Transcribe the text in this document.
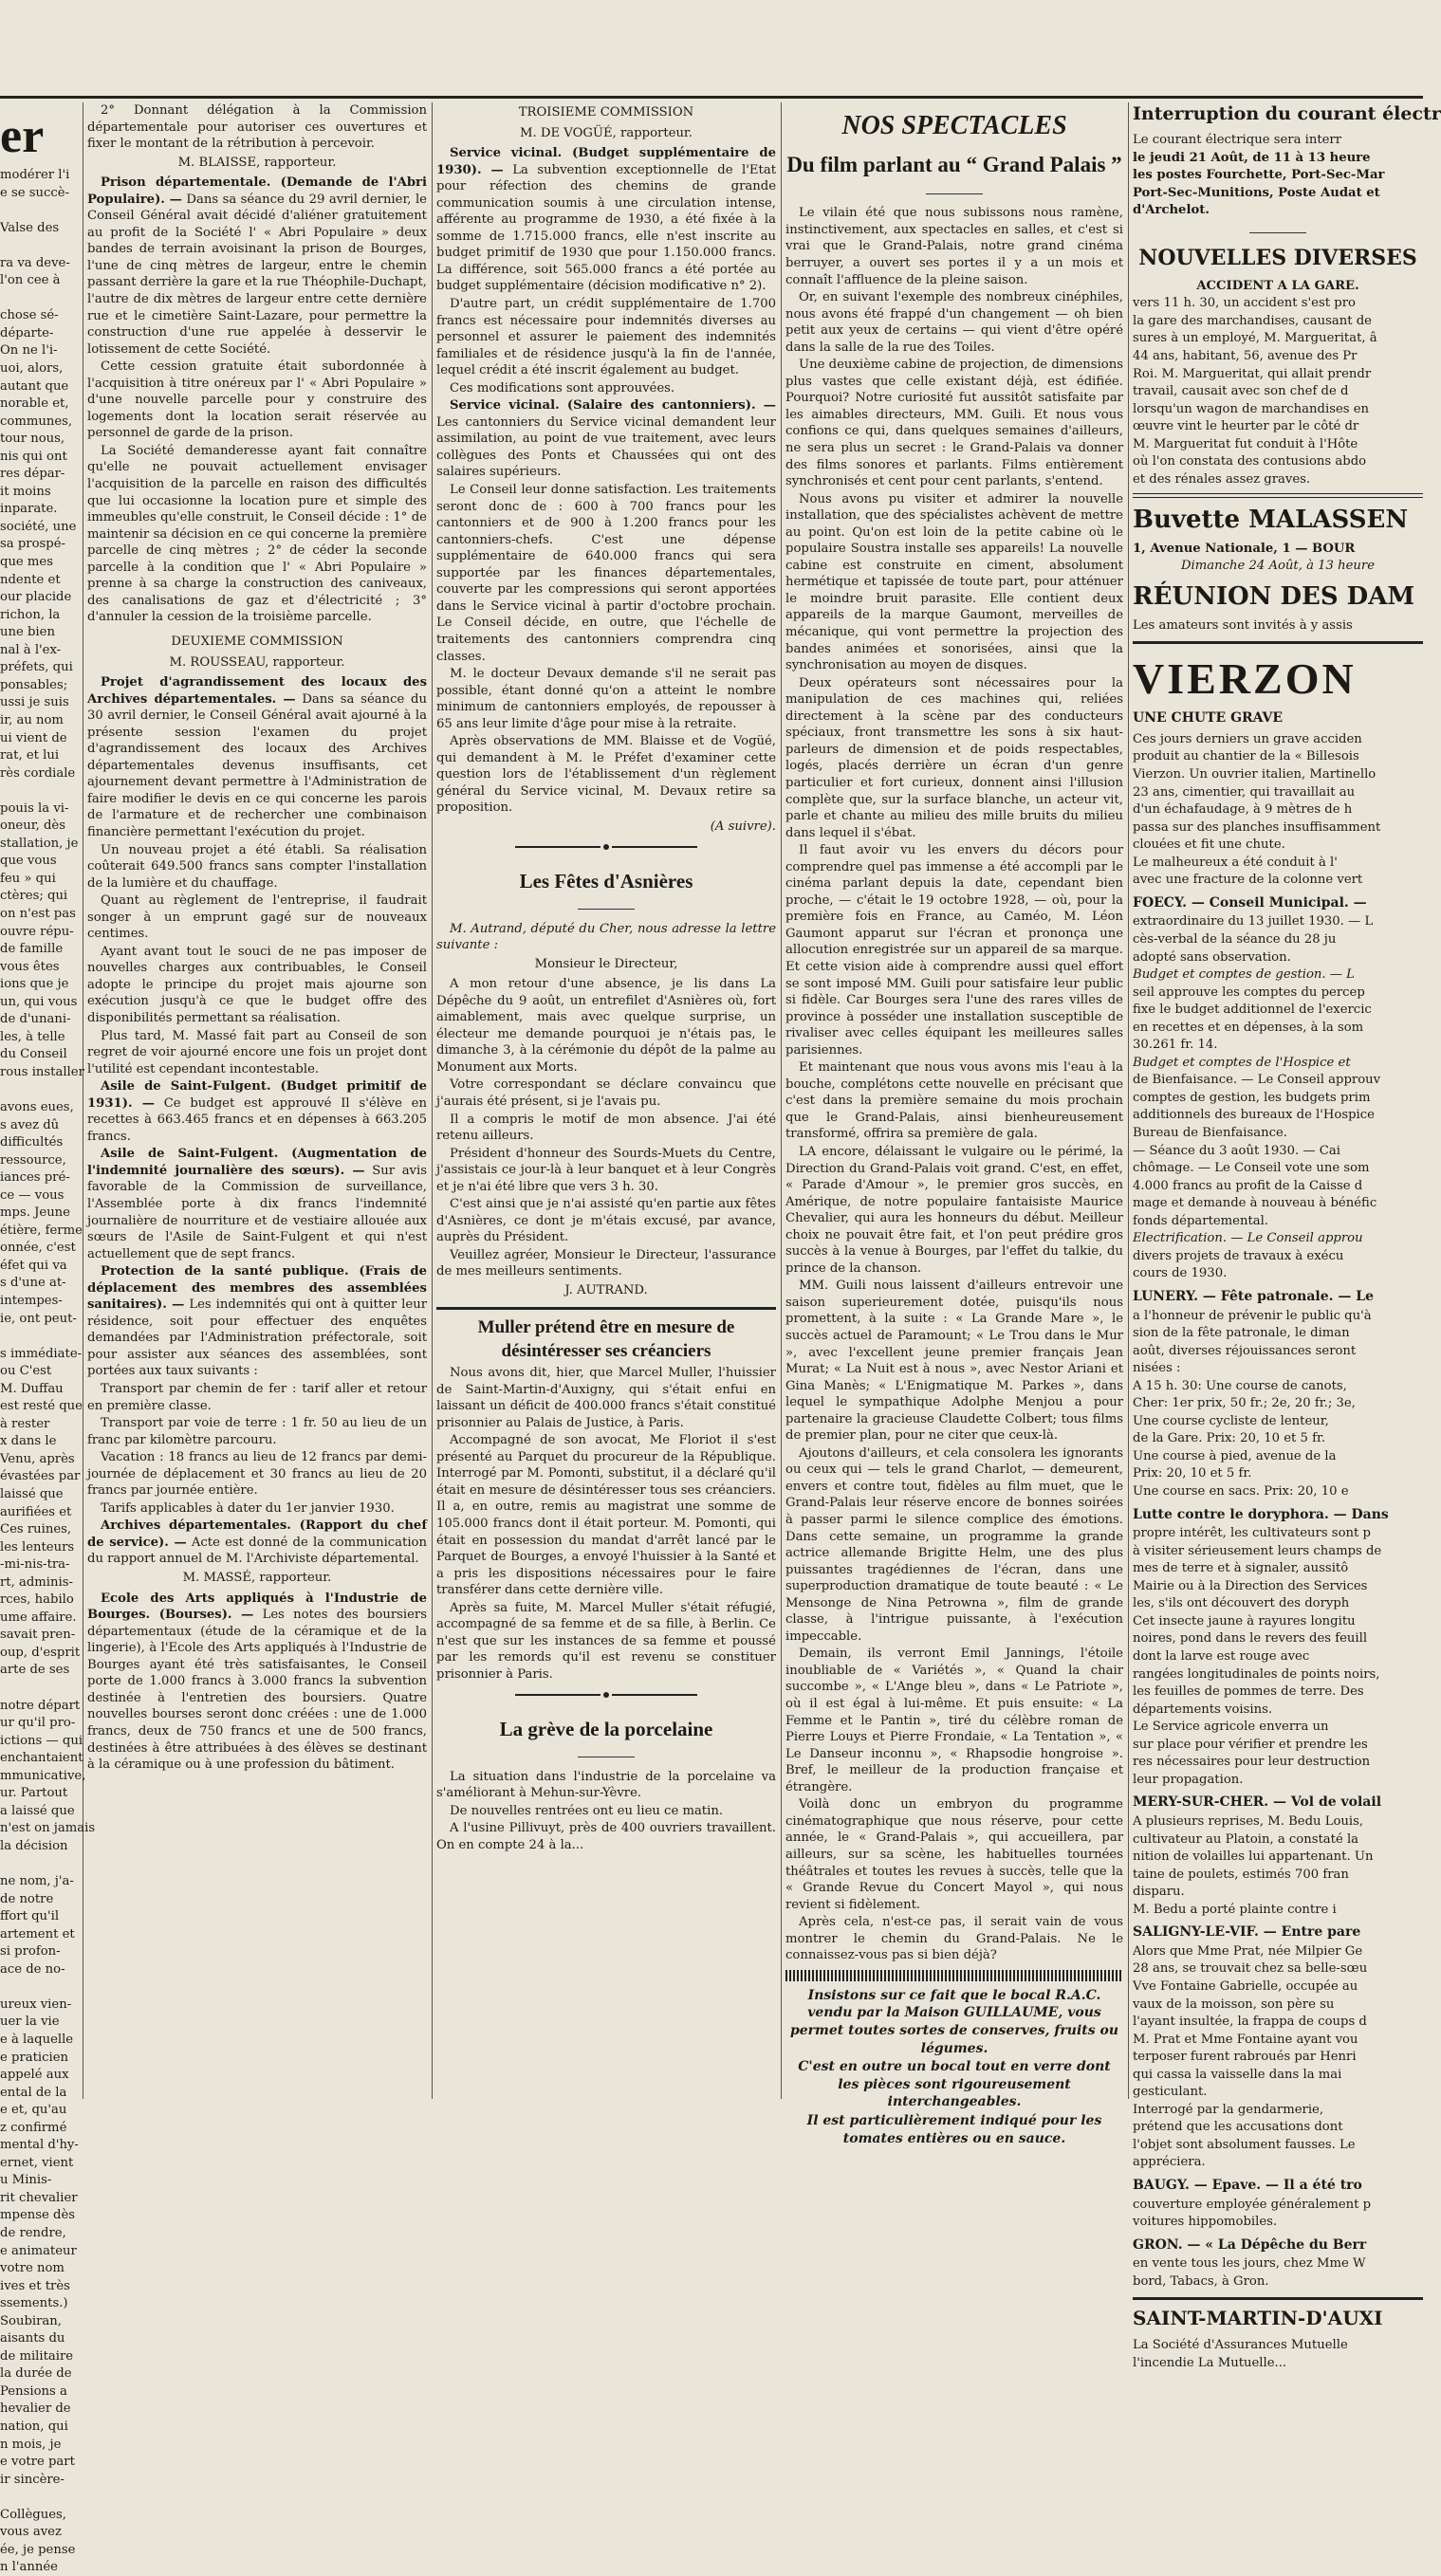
er

modérer l'i

e se succè-

Valse des

ra va deve-

l'on cee à

chose sé-

départe-

On ne l'i-

uoi, alors,

autant que

norable et,

communes,

tour nous,

nis qui ont

res dépar-

it moins

inparate.

société, une

sa prospé-

que mes

ndente et

our placide

richon, la

une bien

nal à l'ex-

préfets, qui

ponsables;

ussi je suis

ir, au nom

ui vient de

rat, et lui

rès cordiale

pouis la vi-

oneur, dès

stallation, je

que vous

feu » qui

ctères; qui

on n'est pas

ouvre répu-

de famille

vous êtes

ions que je

un, qui vous

de d'unani-

les, à telle

du Conseil

rous installer

avons eues,

s avez dû

difficultés

ressource,

iances pré-

ce — vous

mps. Jeune

étière, ferme

onnée, c'est

éfet qui va

s d'une at-

intempes-

ie, ont peut-

s immédiate-

ou C'est

M. Duffau

est resté que

à rester

x dans le

Venu, après

évastées par

laissé que

aurifiées et

Ces ruines,

les lenteurs

-mi-nis-tra-

rt, adminis-

rces, habilo

ume affaire.

savait pren-

oup, d'esprit

arte de ses

notre départ

ur qu'il pro-

ictions — qui

enchantaient

mmunicative,

ur. Partout

a laissé que

n'est on jamais

la décision

ne nom, j'a-

de notre

ffort qu'il

artement et

si profon-

ace de no-

ureux vien-

uer la vie

e à laquelle

e praticien

appelé aux

ental de la

e et, qu'au

z confirmé

mental d'hy-

ernet, vient

u Minis-

rit chevalier

mpense dès

de rendre,

e animateur

votre nom

ives et très

ssements.)

Soubiran,

aisants du

de militaire

la durée de

Pensions a

hevalier de

nation, qui

n mois, je

e votre part

ir sincère-

Collègues,

vous avez

ée, je pense

n l'année

2° Donnant délégation à la Commission départementale pour autoriser ces ouvertures et fixer le montant de la rétribution à percevoir.

M. BLAISSE, rapporteur.

Prison départementale. (Demande de l'Abri Populaire). — Dans sa séance du 29 avril dernier, le Conseil Général avait décidé d'aliéner gratuitement au profit de la Société l' « Abri Populaire » deux bandes de terrain avoisinant la prison de Bourges, l'une de cinq mètres de largeur, entre le chemin passant derrière la gare et la rue Théophile-Duchapt, l'autre de dix mètres de largeur entre cette dernière rue et le cimetière Saint-Lazare, pour permettre la construction d'une rue appelée à desservir le lotissement de cette Société.

Cette cession gratuite était subordonnée à l'acquisition à titre onéreux par l' « Abri Populaire » d'une nouvelle parcelle pour y construire des logements dont la location serait réservée au personnel de garde de la prison.

La Société demanderesse ayant fait connaître qu'elle ne pouvait actuellement envisager l'acquisition de la parcelle en raison des difficultés que lui occasionne la location pure et simple des immeubles qu'elle construit, le Conseil décide : 1° de maintenir sa décision en ce qui concerne la première parcelle de cinq mètres ; 2° de céder la seconde parcelle à la condition que l' « Abri Populaire » prenne à sa charge la construction des caniveaux, des canalisations de gaz et d'électricité ; 3° d'annuler la cession de la troisième parcelle.

DEUXIEME COMMISSION

M. ROUSSEAU, rapporteur.

Projet d'agrandissement des locaux des Archives départementales. — Dans sa séance du 30 avril dernier, le Conseil Général avait ajourné à la présente session l'examen du projet d'agrandissement des locaux des Archives départementales devenus insuffisants, cet ajournement devant permettre à l'Administration de faire modifier le devis en ce qui concerne les parois de l'armature et de rechercher une combinaison financière permettant l'exécution du projet.

Un nouveau projet a été établi. Sa réalisation coûterait 649.500 francs sans compter l'installation de la lumière et du chauffage.

Quant au règlement de l'entreprise, il faudrait songer à un emprunt gagé sur de nouveaux centimes.

Ayant avant tout le souci de ne pas imposer de nouvelles charges aux contribuables, le Conseil adopte le principe du projet mais ajourne son exécution jusqu'à ce que le budget offre des disponibilités permettant sa réalisation.

Plus tard, M. Massé fait part au Conseil de son regret de voir ajourné encore une fois un projet dont l'utilité est cependant incontestable.

Asile de Saint-Fulgent. (Budget primitif de 1931). — Ce budget est approuvé Il s'élève en recettes à 663.465 francs et en dépenses à 663.205 francs.

Asile de Saint-Fulgent. (Augmentation de l'indemnité journalière des sœurs). — Sur avis favorable de la Commission de surveillance, l'Assemblée porte à dix francs l'indemnité journalière de nourriture et de vestiaire allouée aux sœurs de l'Asile de Saint-Fulgent et qui n'est actuellement que de sept francs.

Protection de la santé publique. (Frais de déplacement des membres des assemblées sanitaires). — Les indemnités qui ont à quitter leur résidence, soit pour effectuer des enquêtes demandées par l'Administration préfectorale, soit pour assister aux séances des assemblées, sont portées aux taux suivants :

Transport par chemin de fer : tarif aller et retour en première classe.

Transport par voie de terre : 1 fr. 50 au lieu de un franc par kilomètre parcouru.

Vacation : 18 francs au lieu de 12 francs par demi-journée de déplacement et 30 francs au lieu de 20 francs par journée entière.

Tarifs applicables à dater du 1er janvier 1930.

Archives départementales. (Rapport du chef de service). — Acte est donné de la communication du rapport annuel de M. l'Archiviste départemental.

M. MASSÉ, rapporteur.

Ecole des Arts appliqués à l'Industrie de Bourges. (Bourses). — Les notes des boursiers départementaux (étude de la céramique et de la lingerie), à l'Ecole des Arts appliqués à l'Industrie de Bourges ayant été très satisfaisantes, le Conseil porte de 1.000 francs à 3.000 francs la subvention destinée à l'entretien des boursiers. Quatre nouvelles bourses seront donc créées : une de 1.000 francs, deux de 750 francs et une de 500 francs, destinées à être attribuées à des élèves se destinant à la céramique ou à une profession du bâtiment.

TROISIEME COMMISSION

M. DE VOGÜÉ, rapporteur.

Service vicinal. (Budget supplémentaire de 1930). — La subvention exceptionnelle de l'Etat pour réfection des chemins de grande communication soumis à une circulation intense, afférente au programme de 1930, a été fixée à la somme de 1.715.000 francs, elle n'est inscrite au budget primitif de 1930 que pour 1.150.000 francs. La différence, soit 565.000 francs a été portée au budget supplémentaire (décision modificative n° 2).

D'autre part, un crédit supplémentaire de 1.700 francs est nécessaire pour indemnités diverses au personnel et assurer le paiement des indemnités familiales et de résidence jusqu'à la fin de l'année, lequel crédit a été inscrit également au budget.

Ces modifications sont approuvées.

Service vicinal. (Salaire des cantonniers). — Les cantonniers du Service vicinal demandent leur assimilation, au point de vue traitement, avec leurs collègues des Ponts et Chaussées qui ont des salaires supérieurs.

Le Conseil leur donne satisfaction. Les traitements seront donc de : 600 à 700 francs pour les cantonniers et de 900 à 1.200 francs pour les cantonniers-chefs. C'est une dépense supplémentaire de 640.000 francs qui sera supportée par les finances départementales, couverte par les compressions qui seront apportées dans le Service vicinal à partir d'octobre prochain. Le Conseil décide, en outre, que l'échelle de traitements des cantonniers comprendra cinq classes.

M. le docteur Devaux demande s'il ne serait pas possible, étant donné qu'on a atteint le nombre minimum de cantonniers employés, de repousser à 65 ans leur limite d'âge pour mise à la retraite.

Après observations de MM. Blaisse et de Vogüé, qui demandent à M. le Préfet d'examiner cette question lors de l'établissement d'un règlement général du Service vicinal, M. Devaux retire sa proposition.

(A suivre).

Les Fêtes d'Asnières

M. Autrand, député du Cher, nous adresse la lettre suivante :

Monsieur le Directeur,

A mon retour d'une absence, je lis dans La Dépêche du 9 août, un entrefilet d'Asnières où, fort aimablement, mais avec quelque surprise, un électeur me demande pourquoi je n'étais pas, le dimanche 3, à la cérémonie du dépôt de la palme au Monument aux Morts.

Votre correspondant se déclare convaincu que j'aurais été présent, si je l'avais pu.

Il a compris le motif de mon absence. J'ai été retenu ailleurs.

Président d'honneur des Sourds-Muets du Centre, j'assistais ce jour-là à leur banquet et à leur Congrès et je n'ai été libre que vers 3 h. 30.

C'est ainsi que je n'ai assisté qu'en partie aux fêtes d'Asnières, ce dont je m'étais excusé, par avance, auprès du Président.

Veuillez agréer, Monsieur le Directeur, l'assurance de mes meilleurs sentiments.

J. AUTRAND.

Muller prétend être en mesure de désintéresser ses créanciers

Nous avons dit, hier, que Marcel Muller, l'huissier de Saint-Martin-d'Auxigny, qui s'était enfui en laissant un déficit de 400.000 francs s'était constitué prisonnier au Palais de Justice, à Paris.

Accompagné de son avocat, Me Floriot il s'est présenté au Parquet du procureur de la République. Interrogé par M. Pomonti, substitut, il a déclaré qu'il était en mesure de désintéresser tous ses créanciers. Il a, en outre, remis au magistrat une somme de 105.000 francs dont il était porteur. M. Pomonti, qui était en possession du mandat d'arrêt lancé par le Parquet de Bourges, a envoyé l'huissier à la Santé et a pris les dispositions nécessaires pour le faire transférer dans cette dernière ville.

Après sa fuite, M. Marcel Muller s'était réfugié, accompagné de sa femme et de sa fille, à Berlin. Ce n'est que sur les instances de sa femme et poussé par les remords qu'il est revenu se constituer prisonnier à Paris.

La grève de la porcelaine

La situation dans l'industrie de la porcelaine va s'améliorant à Mehun-sur-Yèvre.

De nouvelles rentrées ont eu lieu ce matin.

A l'usine Pillivuyt, près de 400 ouvriers travaillent. On en compte 24 à la...

NOS SPECTACLES
Du film parlant au “ Grand Palais ”

Le vilain été que nous subissons nous ramène, instinctivement, aux spectacles en salles, et c'est si vrai que le Grand-Palais, notre grand cinéma berruyer, a ouvert ses portes il y a un mois et connaît l'affluence de la pleine saison.

Or, en suivant l'exemple des nombreux cinéphiles, nous avons été frappé d'un changement — oh bien petit aux yeux de certains — qui vient d'être opéré dans la salle de la rue des Toiles.

Une deuxième cabine de projection, de dimensions plus vastes que celle existant déjà, est édifiée. Pourquoi? Notre curiosité fut aussitôt satisfaite par les aimables directeurs, MM. Guili. Et nous vous confions ce qui, dans quelques semaines d'ailleurs, ne sera plus un secret : le Grand-Palais va donner des films sonores et parlants. Films entièrement synchronisés et cent pour cent parlants, s'entend.

Nous avons pu visiter et admirer la nouvelle installation, que des spécialistes achèvent de mettre au point. Qu'on est loin de la petite cabine où le populaire Soustra installe ses appareils! La nouvelle cabine est construite en ciment, absolument hermétique et tapissée de toute part, pour atténuer le moindre bruit parasite. Elle contient deux appareils de la marque Gaumont, merveilles de mécanique, qui vont permettre la projection des bandes animées et sonorisées, ainsi que la synchronisation au moyen de disques.

Deux opérateurs sont nécessaires pour la manipulation de ces machines qui, reliées directement à la scène par des conducteurs spéciaux, front transmettre les sons à six haut-parleurs de dimension et de poids respectables, logés, placés derrière un écran d'un genre particulier et fort curieux, donnent ainsi l'illusion complète que, sur la surface blanche, un acteur vit, parle et chante au milieu des mille bruits du milieu dans lequel il s'ébat.

Il faut avoir vu les envers du décors pour comprendre quel pas immense a été accompli par le cinéma parlant depuis la date, cependant bien proche, — c'était le 19 octobre 1928, — où, pour la première fois en France, au Caméo, M. Léon Gaumont apparut sur l'écran et prononça une allocution enregistrée sur un appareil de sa marque. Et cette vision aide à comprendre aussi quel effort se sont imposé MM. Guili pour satisfaire leur public si fidèle. Car Bourges sera l'une des rares villes de province à posséder une installation susceptible de rivaliser avec celles équipant les meilleures salles parisiennes.

Et maintenant que nous vous avons mis l'eau à la bouche, complétons cette nouvelle en précisant que c'est dans la première semaine du mois prochain que le Grand-Palais, ainsi bienheureusement transformé, offrira sa première de gala.

LA encore, délaissant le vulgaire ou le périmé, la Direction du Grand-Palais voit grand. C'est, en effet, « Parade d'Amour », le premier gros succès, en Amérique, de notre populaire fantaisiste Maurice Chevalier, qui aura les honneurs du début. Meilleur choix ne pouvait être fait, et l'on peut prédire gros succès à la venue à Bourges, par l'effet du talkie, du prince de la chanson.

MM. Guili nous laissent d'ailleurs entrevoir une saison superieurement dotée, puisqu'ils nous promettent, à la suite : « La Grande Mare », le succès actuel de Paramount; « Le Trou dans le Mur », avec l'excellent jeune premier français Jean Murat; « La Nuit est à nous », avec Nestor Ariani et Gina Manès; « L'Enigmatique M. Parkes », dans lequel le sympathique Adolphe Menjou a pour partenaire la gracieuse Claudette Colbert; tous films de premier plan, pour ne citer que ceux-là.

Ajoutons d'ailleurs, et cela consolera les ignorants ou ceux qui — tels le grand Charlot, — demeurent, envers et contre tout, fidèles au film muet, que le Grand-Palais leur réserve encore de bonnes soirées à passer parmi le silence complice des émotions. Dans cette semaine, un programme la grande actrice allemande Brigitte Helm, une des plus puissantes tragédiennes de l'écran, dans une superproduction dramatique de toute beauté : « Le Mensonge de Nina Petrowna », film de grande classe, à l'intrigue puissante, à l'exécution impeccable.

Demain, ils verront Emil Jannings, l'étoile inoubliable de « Variétés », « Quand la chair succombe », « L'Ange bleu », dans « Le Patriote », où il est égal à lui-même. Et puis ensuite: « La Femme et le Pantin », tiré du célèbre roman de Pierre Louys et Pierre Frondaie, « La Tentation », « Le Danseur inconnu », « Rhapsodie hongroise ». Bref, le meilleur de la production française et étrangère.

Voilà donc un embryon du programme cinématographique que nous réserve, pour cette année, le « Grand-Palais », qui accueillera, par ailleurs, sur sa scène, les habituelles tournées théâtrales et toutes les revues à succès, telle que la « Grande Revue du Concert Mayol », qui nous revient si fidèlement.

Après cela, n'est-ce pas, il serait vain de vous montrer le chemin du Grand-Palais. Ne le connaissez-vous pas si bien déjà?

Insistons sur ce fait que le bocal R.A.C. vendu par la Maison GUILLAUME, vous permet toutes sortes de conserves, fruits ou légumes.

C'est en outre un bocal tout en verre dont les pièces sont rigoureusement interchangeables.

Il est particulièrement indiqué pour les tomates entières ou en sauce.

Interruption du courant électr

Le courant électrique sera interr

le jeudi 21 Août, de 11 à 13 heure

les postes Fourchette, Port-Sec-Mar

Port-Sec-Munitions, Poste Audat et

d'Archelot.

NOUVELLES DIVERSES

ACCIDENT A LA GARE.

vers 11 h. 30, un accident s'est pro

la gare des marchandises, causant de

sures à un employé, M. Margueritat, â

44 ans, habitant, 56, avenue des Pr

Roi. M. Margueritat, qui allait prendr

travail, causait avec son chef de d

lorsqu'un wagon de marchandises en

œuvre vint le heurter par le côté dr

M. Margueritat fut conduit à l'Hôte

où l'on constata des contusions abdo

et des rénales assez graves.

Buvette MALASSEN

1, Avenue Nationale, 1 — BOUR

Dimanche 24 Août, à 13 heure

RÉUNION DES DAM

Les amateurs sont invités à y assis

VIERZON

UNE CHUTE GRAVE

Ces jours derniers un grave acciden

produit au chantier de la « Billesois

Vierzon. Un ouvrier italien, Martinello

23 ans, cimentier, qui travaillait au

d'un échafaudage, à 9 mètres de h

passa sur des planches insuffisamment

clouées et fit une chute.

Le malheureux a été conduit à l'

avec une fracture de la colonne vert

FOECY. — Conseil Municipal. —

extraordinaire du 13 juillet 1930. — L

cès-verbal de la séance du 28 ju

adopté sans observation.

Budget et comptes de gestion. — L

seil approuve les comptes du percep

fixe le budget additionnel de l'exercic

en recettes et en dépenses, à la som

30.261 fr. 14.

Budget et comptes de l'Hospice et

de Bienfaisance. — Le Conseil approuv

comptes de gestion, les budgets prim

additionnels des bureaux de l'Hospice

Bureau de Bienfaisance.

— Séance du 3 août 1930. — Cai

chômage. — Le Conseil vote une som

4.000 francs au profit de la Caisse d

mage et demande à nouveau à bénéfic

fonds départemental.

Electrification. — Le Conseil approu

divers projets de travaux à exécu

cours de 1930.

LUNERY. — Fête patronale. — Le

a l'honneur de prévenir le public qu'à

sion de la fête patronale, le diman

août, diverses réjouissances seront

nisées :

A 15 h. 30: Une course de canots,

Cher: 1er prix, 50 fr.; 2e, 20 fr.; 3e,

Une course cycliste de lenteur,

de la Gare. Prix: 20, 10 et 5 fr.

Une course à pied, avenue de la

Prix: 20, 10 et 5 fr.

Une course en sacs. Prix: 20, 10 e

Lutte contre le doryphora. — Dans

propre intérêt, les cultivateurs sont p

à visiter sérieusement leurs champs de

mes de terre et à signaler, aussitô

Mairie ou à la Direction des Services

les, s'ils ont découvert des doryph

Cet insecte jaune à rayures longitu

noires, pond dans le revers des feuill

dont la larve est rouge avec

rangées longitudinales de points noirs,

les feuilles de pommes de terre. Des

départements voisins.

Le Service agricole enverra un

sur place pour vérifier et prendre les

res nécessaires pour leur destruction

leur propagation.

MERY-SUR-CHER. — Vol de volail

A plusieurs reprises, M. Bedu Louis,

cultivateur au Platoin, a constaté la

nition de volailles lui appartenant. Un

taine de poulets, estimés 700 fran

disparu.

M. Bedu a porté plainte contre i

SALIGNY-LE-VIF. — Entre pare

Alors que Mme Prat, née Milpier Ge

28 ans, se trouvait chez sa belle-sœu

Vve Fontaine Gabrielle, occupée au

vaux de la moisson, son père su

l'ayant insultée, la frappa de coups d

M. Prat et Mme Fontaine ayant vou

terposer furent rabroués par Henri

qui cassa la vaisselle dans la mai

gesticulant.

Interrogé par la gendarmerie,

prétend que les accusations dont

l'objet sont absolument fausses. Le

appréciera.

BAUGY. — Epave. — Il a été tro

couverture employée généralement p

voitures hippomobiles.

GRON. — « La Dépêche du Berr

en vente tous les jours, chez Mme W

bord, Tabacs, à Gron.

SAINT-MARTIN-D'AUXI

La Société d'Assurances Mutuelle

l'incendie La Mutuelle...
